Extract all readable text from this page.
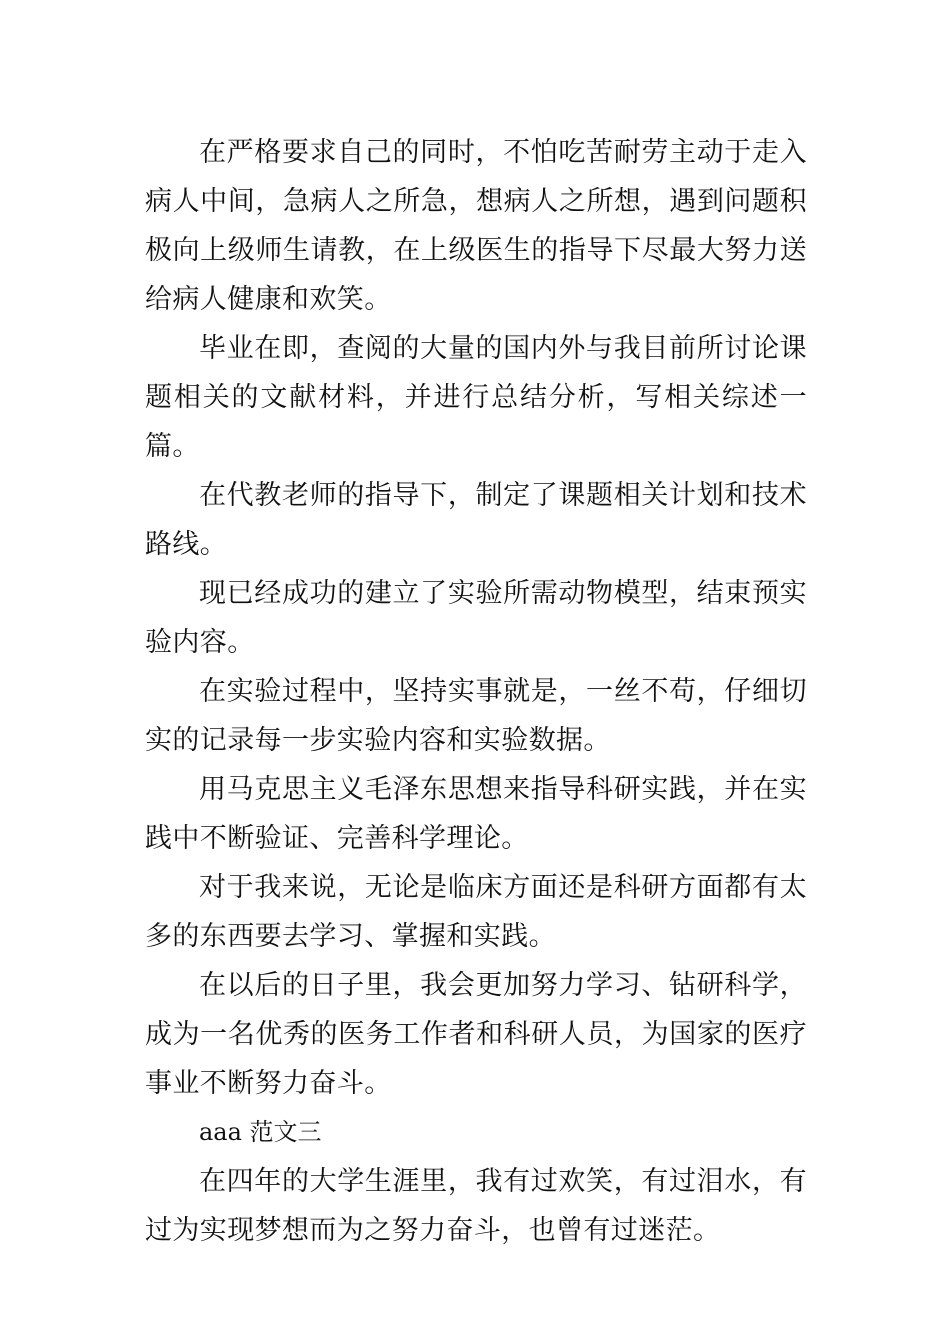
在严格要求自己的同时，不怕吃苦耐劳主动于走入病人中间，急病人之所急，想病人之所想，遇到问题积极向上级师生请教，在上级医生的指导下尽最大努力送给病人健康和欢笑。

毕业在即，查阅的大量的国内外与我目前所讨论课题相关的文献材料，并进行总结分析，写相关综述一篇。

在代教老师的指导下，制定了课题相关计划和技术路线。

现已经成功的建立了实验所需动物模型，结束预实验内容。

在实验过程中，坚持实事就是，一丝不苟，仔细切实的记录每一步实验内容和实验数据。

用马克思主义毛泽东思想来指导科研实践，并在实践中不断验证、完善科学理论。

对于我来说，无论是临床方面还是科研方面都有太多的东西要去学习、掌握和实践。

在以后的日子里，我会更加努力学习、钻研科学，成为一名优秀的医务工作者和科研人员，为国家的医疗事业不断努力奋斗。

aaa 范文三

在四年的大学生涯里，我有过欢笑，有过泪水，有过为实现梦想而为之努力奋斗，也曾有过迷茫。
